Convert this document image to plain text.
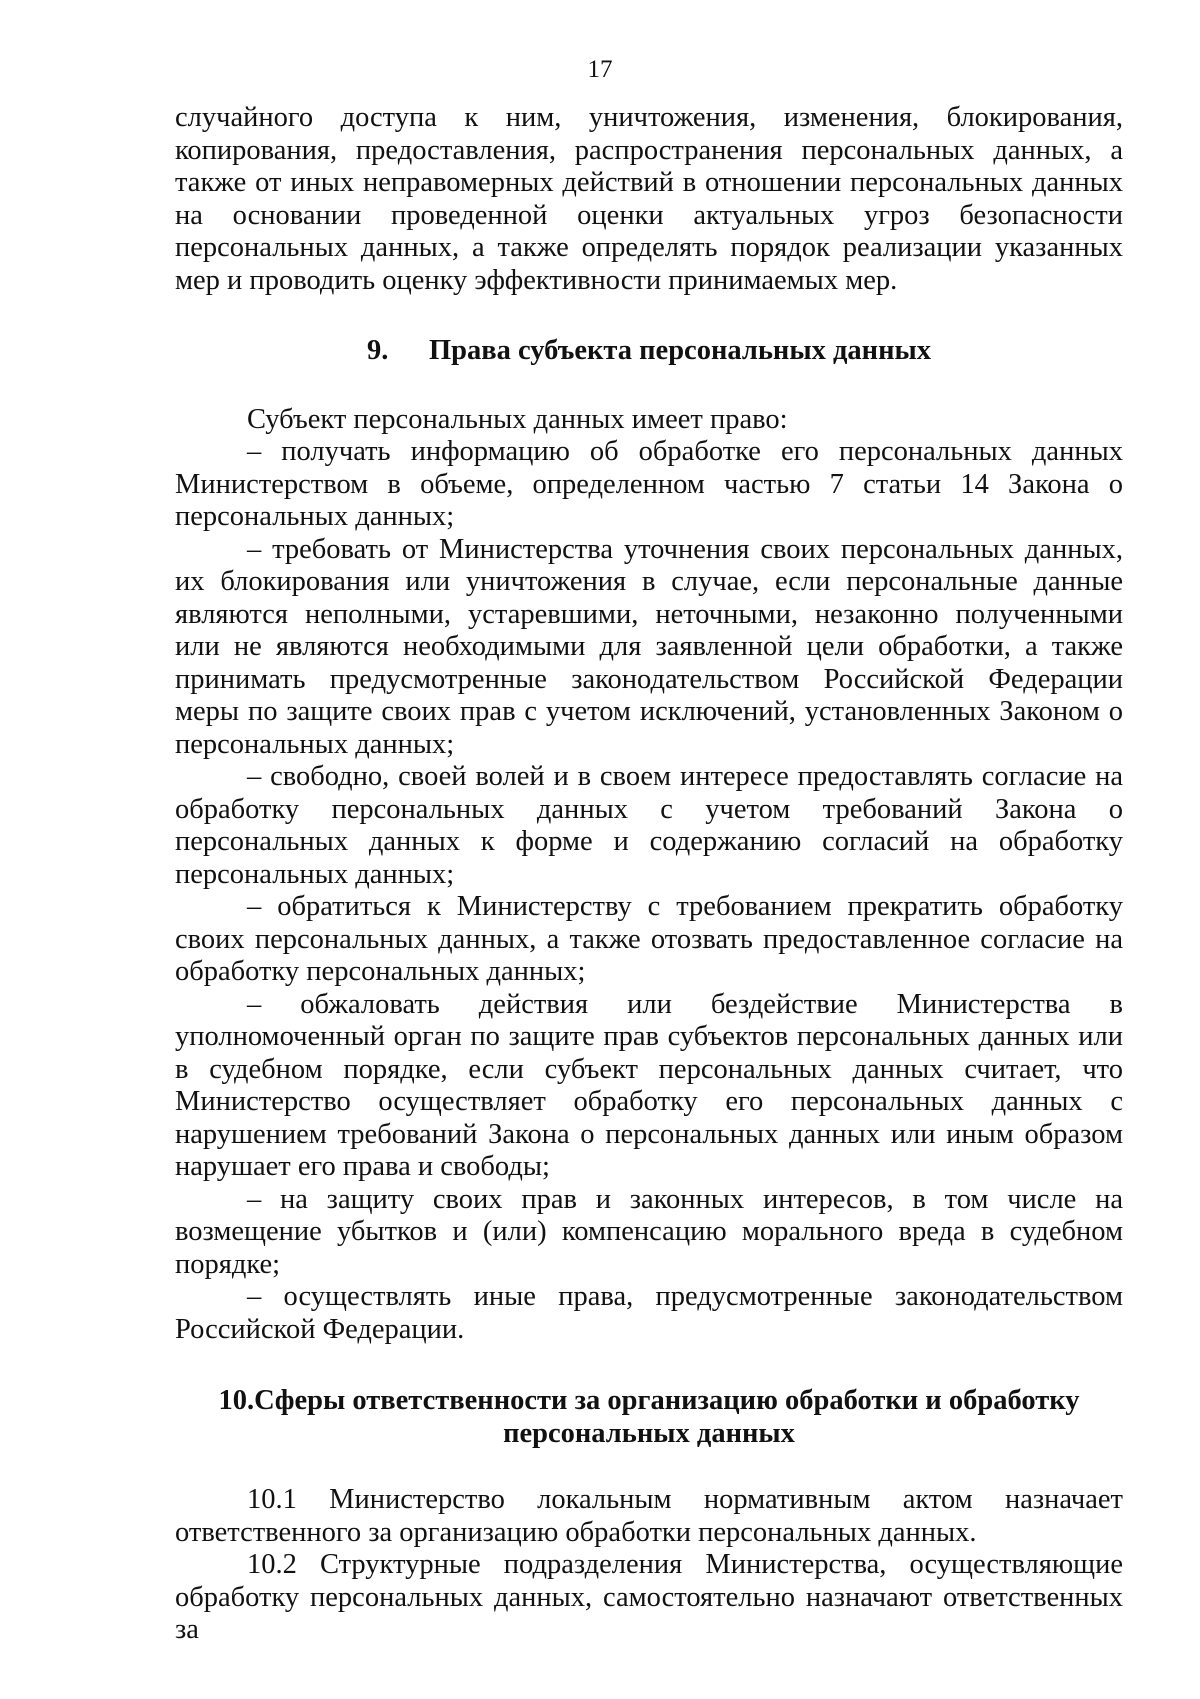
17

случайного доступа к ним, уничтожения, изменения, блокирования, копирования, предоставления, распространения персональных данных, а также от иных неправомерных действий в отношении персональных данных на основании проведенной оценки актуальных угроз безопасности персональных данных, а также определять порядок реализации указанных мер и проводить оценку эффективности принимаемых мер.

9. Права субъекта персональных данных

Субъект персональных данных имеет право:

– получать информацию об обработке его персональных данных Министерством в объеме, определенном частью 7 статьи 14 Закона о персональных данных;

– требовать от Министерства уточнения своих персональных данных, их блокирования или уничтожения в случае, если персональные данные являются неполными, устаревшими, неточными, незаконно полученными или не являются необходимыми для заявленной цели обработки, а также принимать предусмотренные законодательством Российской Федерации меры по защите своих прав с учетом исключений, установленных Законом о персональных данных;

– свободно, своей волей и в своем интересе предоставлять согласие на обработку персональных данных с учетом требований Закона о персональных данных к форме и содержанию согласий на обработку персональных данных;

– обратиться к Министерству с требованием прекратить обработку своих персональных данных, а также отозвать предоставленное согласие на обработку персональных данных;

– обжаловать действия или бездействие Министерства в уполномоченный орган по защите прав субъектов персональных данных или в судебном порядке, если субъект персональных данных считает, что Министерство осуществляет обработку его персональных данных с нарушением требований Закона о персональных данных или иным образом нарушает его права и свободы;

– на защиту своих прав и законных интересов, в том числе на возмещение убытков и (или) компенсацию морального вреда в судебном порядке;

– осуществлять иные права, предусмотренные законодательством Российской Федерации.

10.Сферы ответственности за организацию обработки и обработку
персональных данных

10.1 Министерство локальным нормативным актом назначает ответственного за организацию обработки персональных данных.

10.2 Структурные подразделения Министерства, осуществляющие обработку персональных данных, самостоятельно назначают ответственных за
